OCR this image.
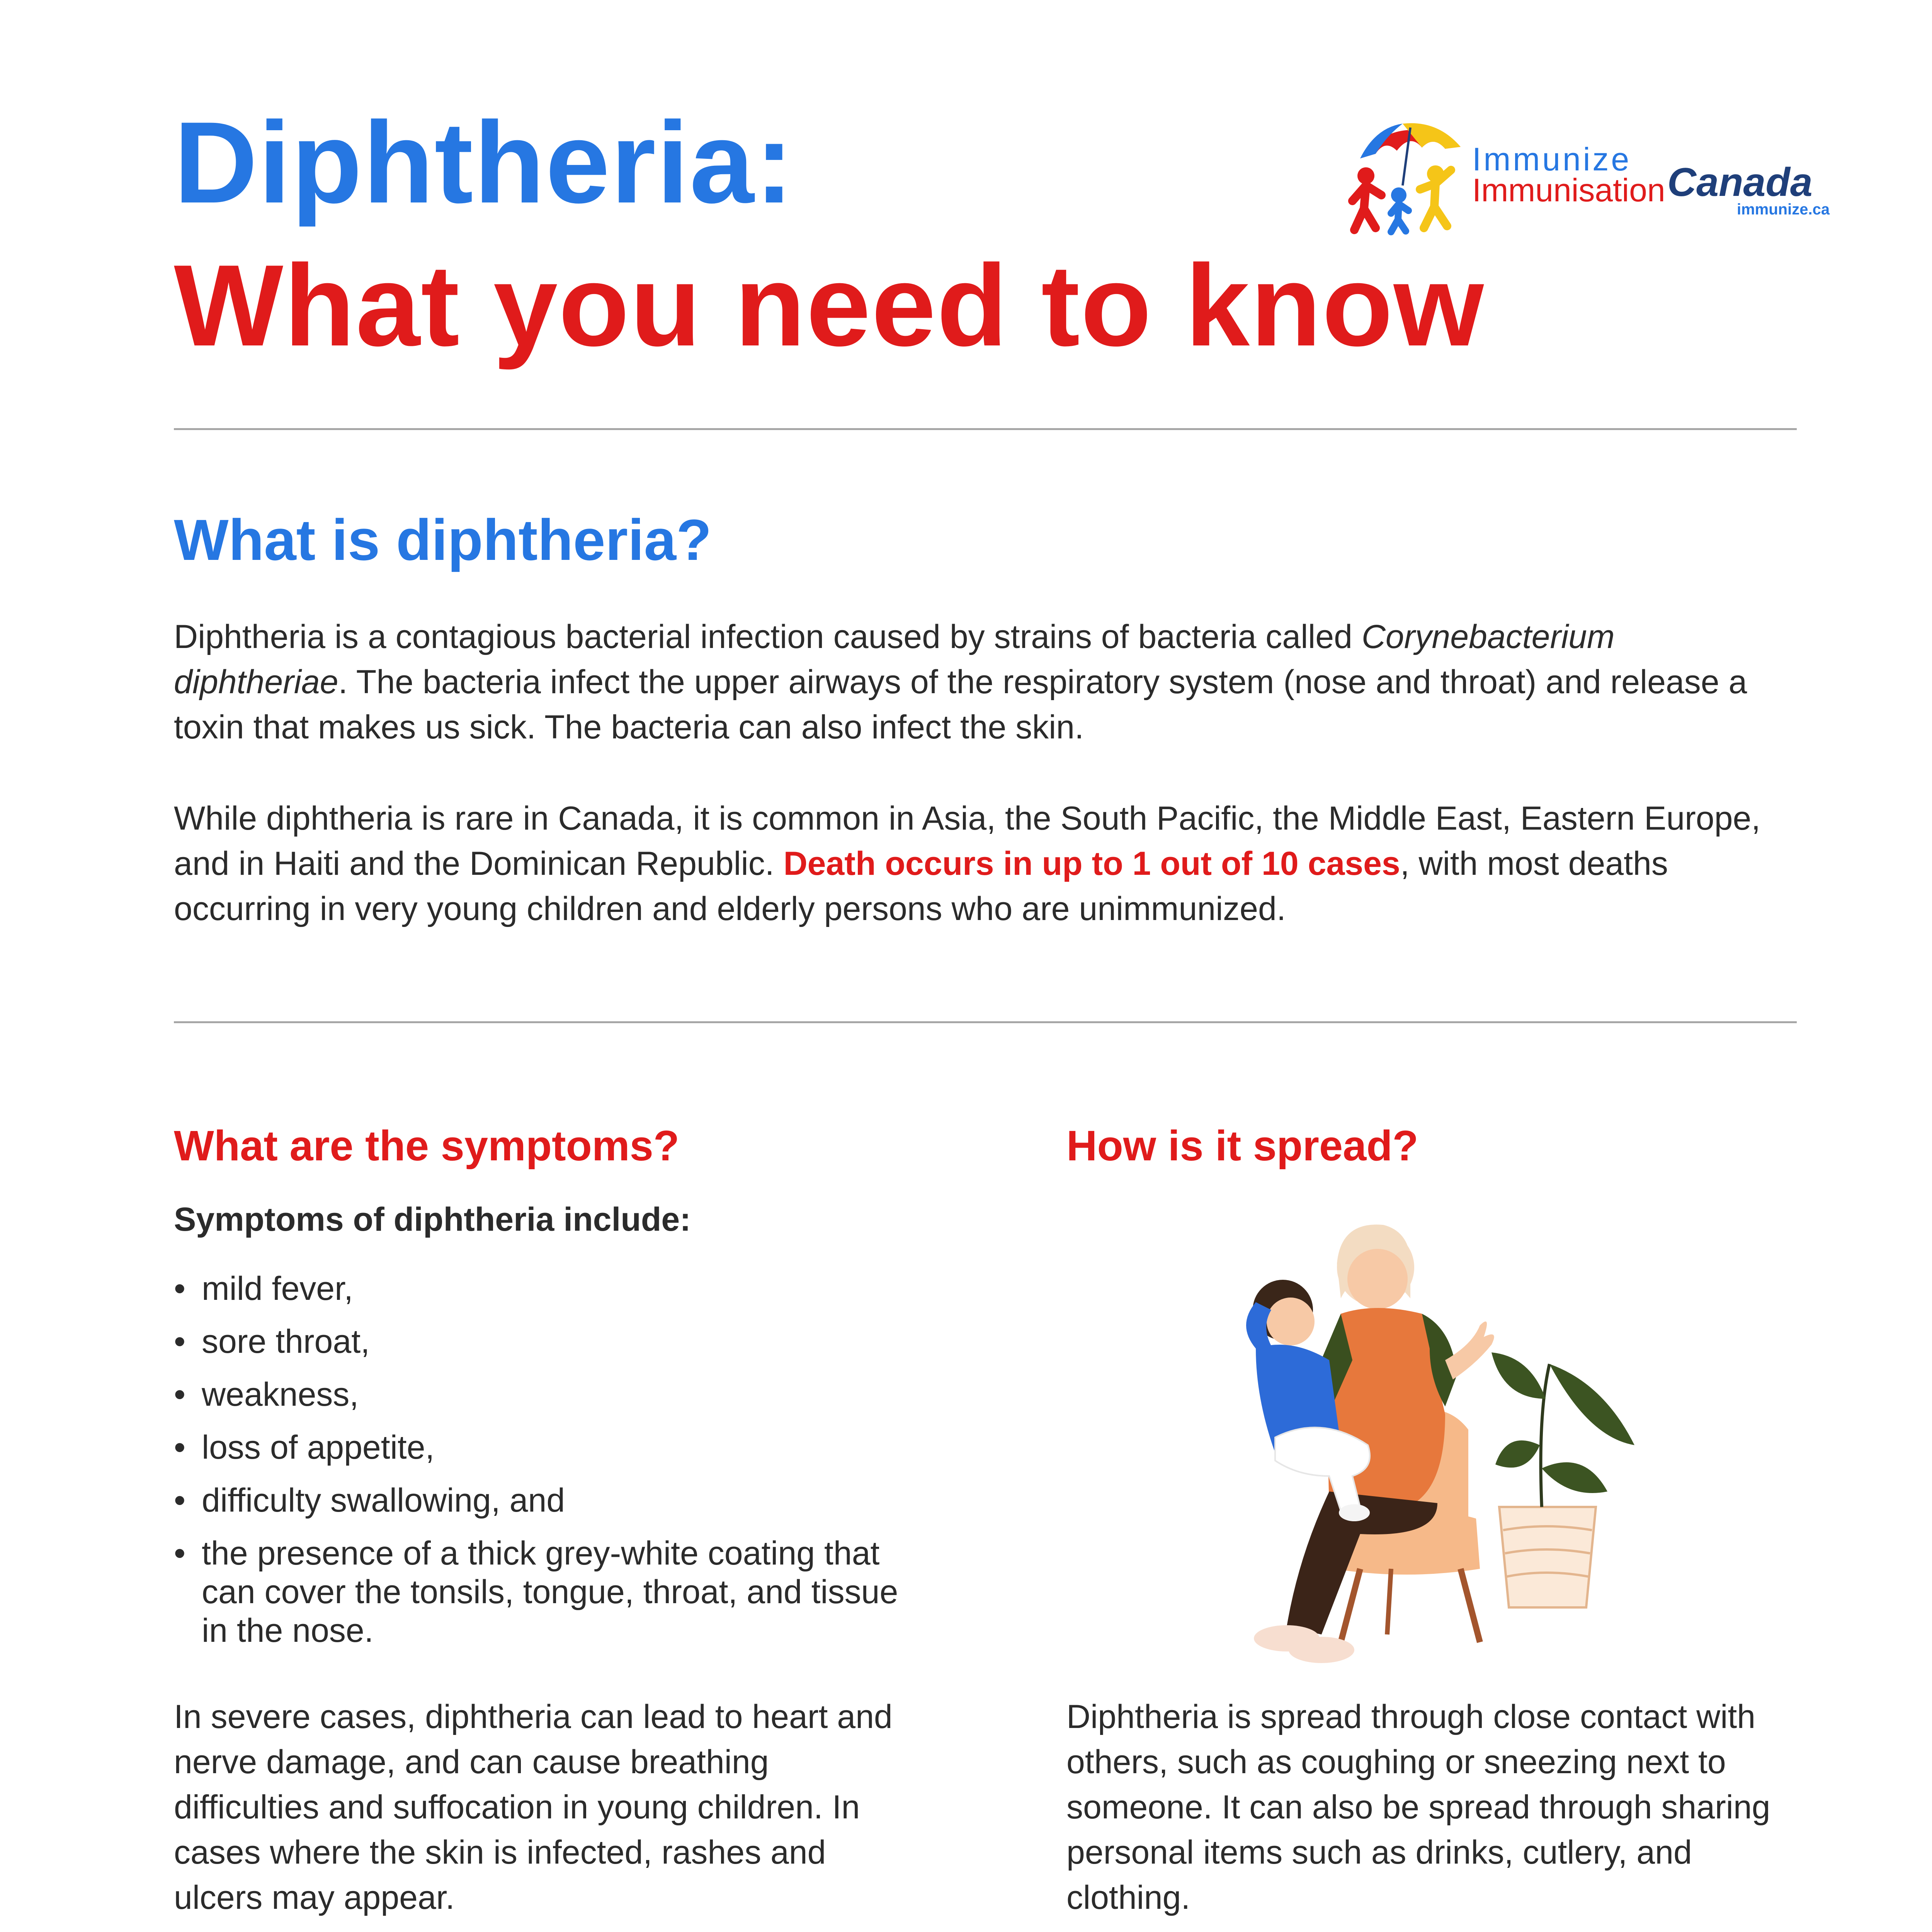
Diphtheria:
What you need to know
Immunize
Immunisation Canada
immunize.ca
What is diphtheria?

Diphtheria is a contagious bacterial infection caused by strains of bacteria called Corynebacterium diphtheriae. The bacteria infect the upper airways of the respiratory system (nose and throat) and release a toxin that makes us sick. The bacteria can also infect the skin.

While diphtheria is rare in Canada, it is common in Asia, the South Pacific, the Middle East, Eastern Europe, and in Haiti and the Dominican Republic. Death occurs in up to 1 out of 10 cases, with most deaths occurring in very young children and elderly persons who are unimmunized.

What are the symptoms?

Symptoms of diphtheria include:

• mild fever,
• sore throat,
• weakness,
• loss of appetite,
• difficulty swallowing, and
• the presence of a thick grey-white coating that can cover the tonsils, tongue, throat, and tissue in the nose.

In severe cases, diphtheria can lead to heart and nerve damage, and can cause breathing difficulties and suffocation in young children. In cases where the skin is infected, rashes and ulcers may appear.

How is it spread?

Diphtheria is spread through close contact with others, such as coughing or sneezing next to someone. It can also be spread through sharing personal items such as drinks, cutlery, and clothing.
